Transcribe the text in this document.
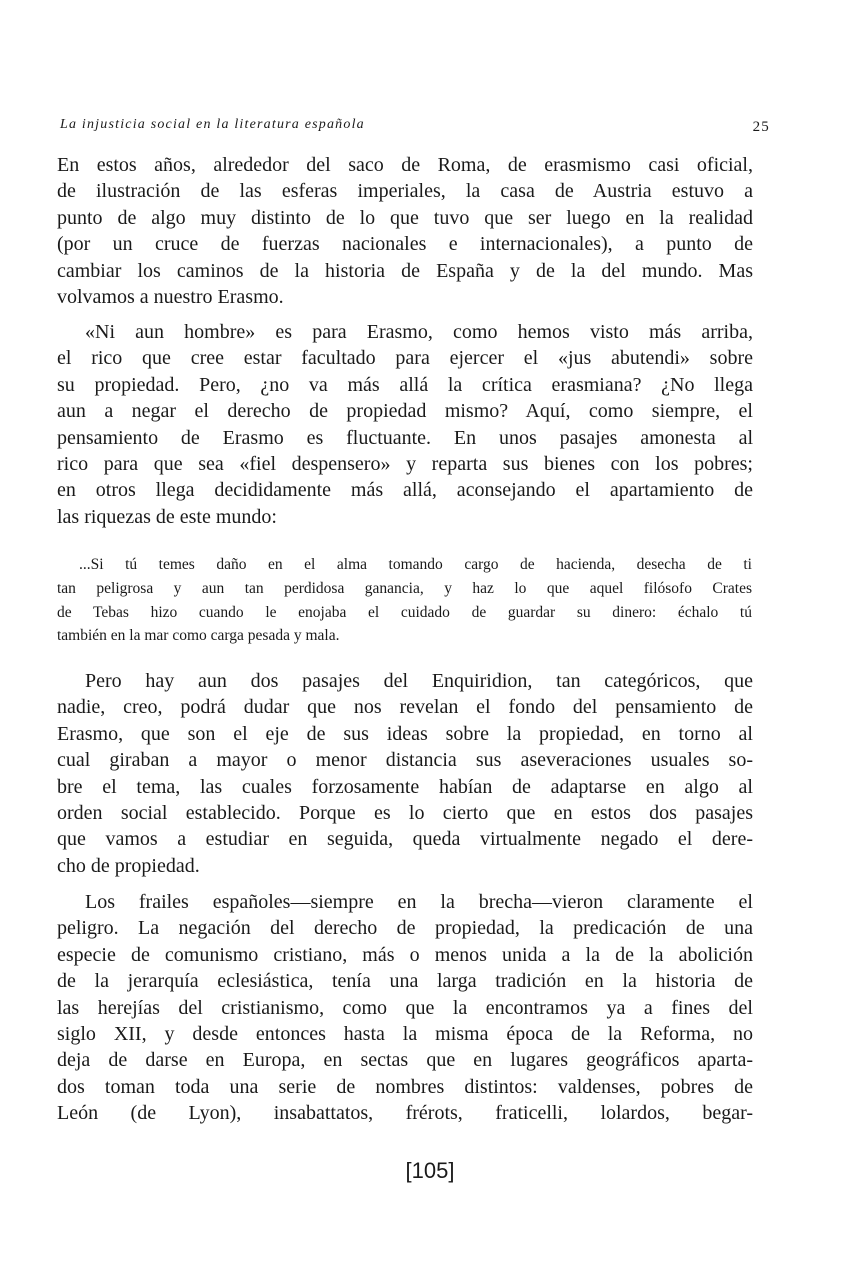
La injusticia social en la literatura española	25
En estos años, alrededor del saco de Roma, de erasmismo casi oficial,
de ilustración de las esferas imperiales, la casa de Austria estuvo a
punto de algo muy distinto de lo que tuvo que ser luego en la realidad
(por un cruce de fuerzas nacionales e internacionales), a punto de
cambiar los caminos de la historia de España y de la del mundo. Mas
volvamos a nuestro Erasmo.
«Ni aun hombre» es para Erasmo, como hemos visto más arriba,
el rico que cree estar facultado para ejercer el «jus abutendi» sobre
su propiedad. Pero, ¿no va más allá la crítica erasmiana? ¿No llega
aun a negar el derecho de propiedad mismo? Aquí, como siempre, el
pensamiento de Erasmo es fluctuante. En unos pasajes amonesta al
rico para que sea «fiel despensero» y reparta sus bienes con los pobres;
en otros llega decididamente más allá, aconsejando el apartamiento de
las riquezas de este mundo:
...Si tú temes daño en el alma tomando cargo de hacienda, desecha de ti
tan peligrosa y aun tan perdidosa ganancia, y haz lo que aquel filósofo Crates
de Tebas hizo cuando le enojaba el cuidado de guardar su dinero: échalo tú
también en la mar como carga pesada y mala.
Pero hay aun dos pasajes del Enquiridion, tan categóricos, que
nadie, creo, podrá dudar que nos revelan el fondo del pensamiento de
Erasmo, que son el eje de sus ideas sobre la propiedad, en torno al
cual giraban a mayor o menor distancia sus aseveraciones usuales so-
bre el tema, las cuales forzosamente habían de adaptarse en algo al
orden social establecido. Porque es lo cierto que en estos dos pasajes
que vamos a estudiar en seguida, queda virtualmente negado el dere-
cho de propiedad.
Los frailes españoles—siempre en la brecha—vieron claramente el
peligro. La negación del derecho de propiedad, la predicación de una
especie de comunismo cristiano, más o menos unida a la de la abolición
de la jerarquía eclesiástica, tenía una larga tradición en la historia de
las herejías del cristianismo, como que la encontramos ya a fines del
siglo XII, y desde entonces hasta la misma época de la Reforma, no
deja de darse en Europa, en sectas que en lugares geográficos aparta-
dos toman toda una serie de nombres distintos: valdenses, pobres de
León (de Lyon), insabattatos, frérots, fraticelli, lolardos, begar-
[105]
